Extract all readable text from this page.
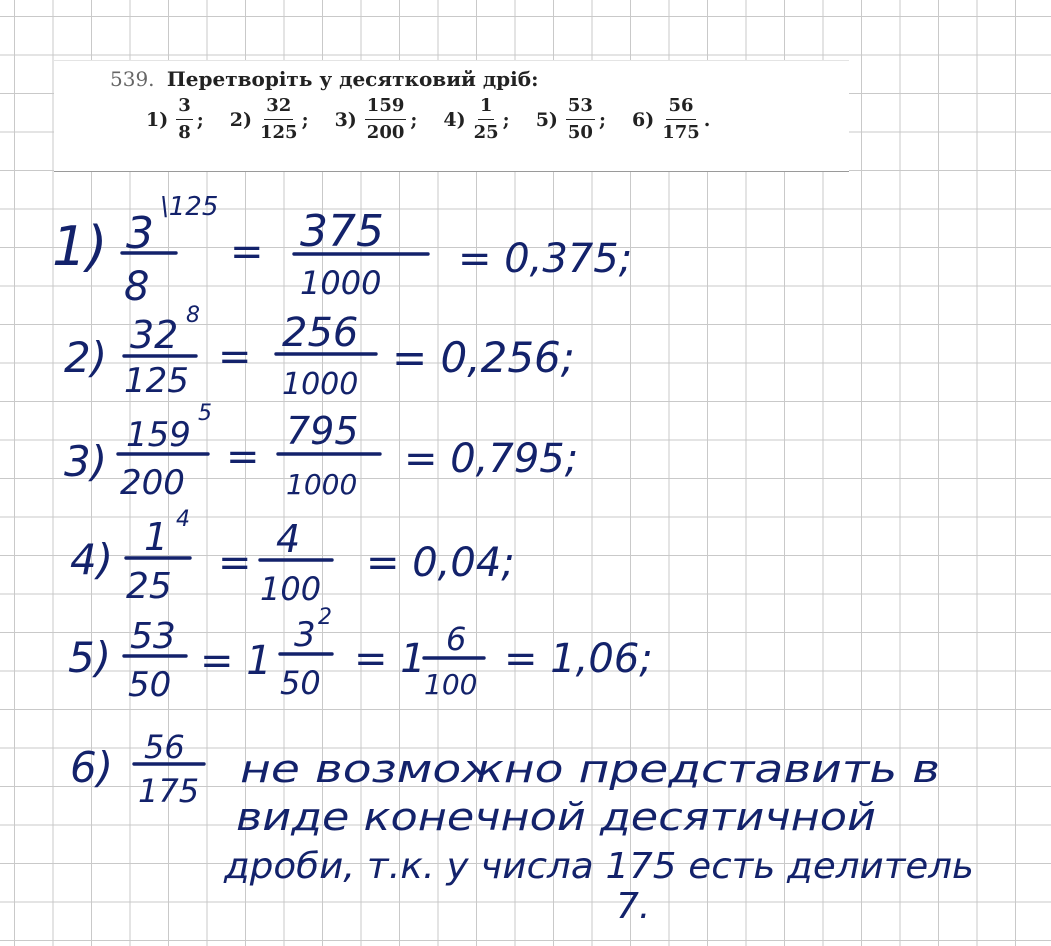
539. Перетворіть у десятковий дріб:
$1) \frac{3}{8}$ ; $2) \frac{32}{125}$ ; $3) \frac{159}{200}$ ; $4) \frac{1}{25}$ ; $5) \frac{53}{50}$ ; $6) \frac{56}{175}$ .
1) 3
\125
8
= 375
1000
= 0,375;
2) 32 8
125
=
256
1000
= 0,256;
3)
159
5
200
=
795
1000
= 0,795;
4) 1 4
25
=
4
100
= 0,04;
5) 53
50
= 1
3 2
50
= 1 6
100
= 1,06;
6) 56
175 не возможно представить в
виде конечной десятичной
дроби, т.к. у числа 175 есть делитель
7.
